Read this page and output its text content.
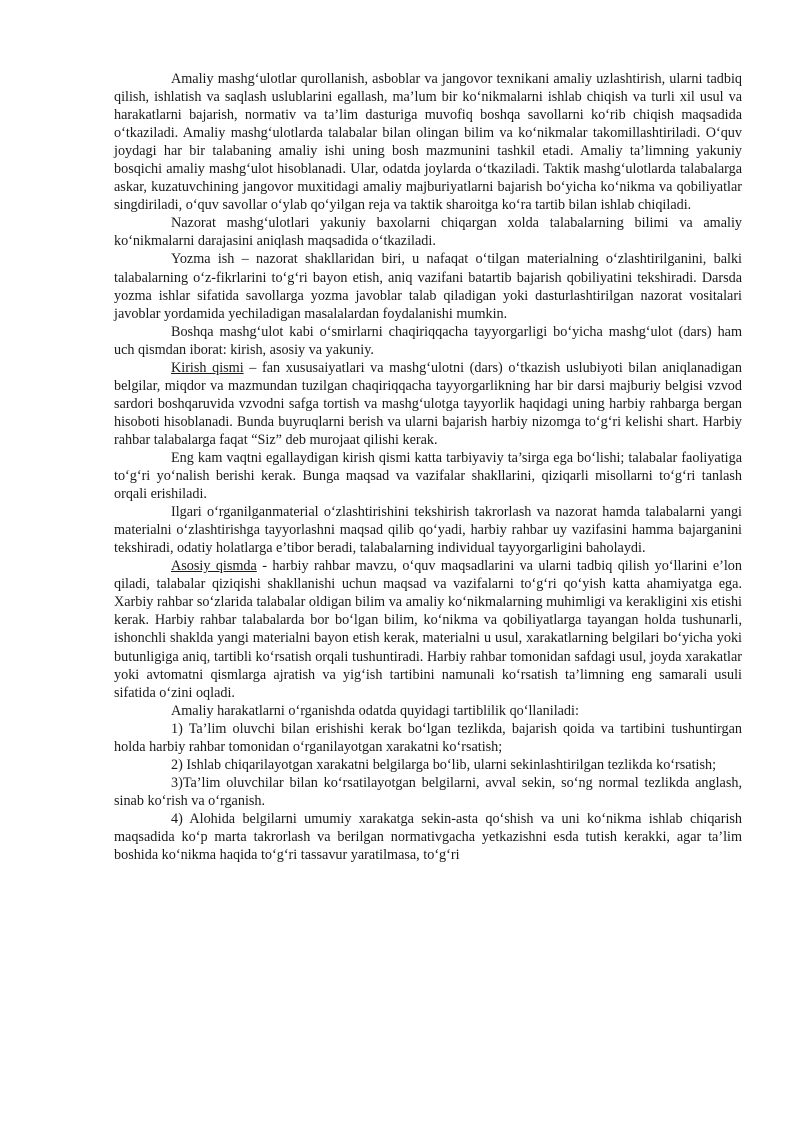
Amaliy mashgʻulotlar qurollanish, asboblar va jangovor texnikani amaliy uzlashtirish, ularni tadbiq qilish, ishlatish va saqlash uslublarini egallash, ma’lum bir koʻnikmalarni ishlab chiqish va turli xil usul va harakatlarni bajarish, normativ va ta’lim dasturiga muvofiq boshqa savollarni koʻrib chiqish maqsadida oʻtkaziladi. Amaliy mashgʻulotlarda talabalar bilan olingan bilim va koʻnikmalar takomillashtiriladi. Oʻquv joydagi har bir talabaning amaliy ishi uning bosh mazmunini tashkil etadi. Amaliy ta’limning yakuniy bosqichi amaliy mashgʻulot hisoblanadi. Ular, odatda joylarda oʻtkaziladi. Taktik mashgʻulotlarda talabalarga askar, kuzatuvchining jangovor muxitidagi amaliy majburiyatlarni bajarish boʻyicha koʻnikma va qobiliyatlar singdiriladi, oʻquv savollar oʻylab qoʻyilgan reja va taktik sharoitga koʻra tartib bilan ishlab chiqiladi.

Nazorat mashgʻulotlari yakuniy baxolarni chiqargan xolda talabalarning bilimi va amaliy koʻnikmalarni darajasini aniqlash maqsadida oʻtkaziladi.

Yozma ish – nazorat shakllaridan biri, u nafaqat oʻtilgan materialning oʻzlashtirilganini, balki talabalarning oʻz-fikrlarini toʻgʻri bayon etish, aniq vazifani batartib bajarish qobiliyatini tekshiradi. Darsda yozma ishlar sifatida savollarga yozma javoblar talab qiladigan yoki dasturlashtirilgan nazorat vositalari javoblar yordamida yechiladigan masalalardan foydalanishi mumkin.

Boshqa mashgʻulot kabi oʻsmirlarni chaqiriqqacha tayyorgarligi boʻyicha mashgʻulot (dars) ham uch qismdan iborat: kirish, asosiy va yakuniy.

Kirish qismi – fan xususaiyatlari va mashgʻulotni (dars) oʻtkazish uslubiyoti bilan aniqlanadigan belgilar, miqdor va mazmundan tuzilgan chaqiriqqacha tayyorgarlikning har bir darsi majburiy belgisi vzvod sardori boshqaruvida vzvodni safga tortish va mashgʻulotga tayyorlik haqidagi uning harbiy rahbarga bergan hisoboti hisoblanadi. Bunda buyruqlarni berish va ularni bajarish harbiy nizomga toʻgʻri kelishi shart. Harbiy rahbar talabalarga faqat “Siz” deb murojaat qilishi kerak.

Eng kam vaqtni egallaydigan kirish qismi katta tarbiyaviy ta’sirga ega boʻlishi; talabalar faoliyatiga toʻgʻri yoʻnalish berishi kerak. Bunga maqsad va vazifalar shakllarini, qiziqarli misollarni toʻgʻri tanlash orqali erishiladi.

Ilgari oʻrganilganmaterial oʻzlashtirishini tekshirish takrorlash va nazorat hamda talabalarni yangi materialni oʻzlashtirishga tayyorlashni maqsad qilib qoʻyadi, harbiy rahbar uy vazifasini hamma bajarganini tekshiradi, odatiy holatlarga e’tibor beradi, talabalarning individual tayyorgarligini baholaydi.

Asosiy qismda - harbiy rahbar mavzu, oʻquv maqsadlarini va ularni tadbiq qilish yoʻllarini e’lon qiladi, talabalar qiziqishi shakllanishi uchun maqsad va vazifalarni toʻgʻri qoʻyish katta ahamiyatga ega. Xarbiy rahbar soʻzlarida talabalar oldigan bilim va amaliy koʻnikmalarning muhimligi va kerakligini xis etishi kerak. Harbiy rahbar talabalarda bor boʻlgan bilim, koʻnikma va qobiliyatlarga tayangan holda tushunarli, ishonchli shaklda yangi materialni bayon etish kerak, materialni u usul, xarakatlarning belgilari boʻyicha yoki butunligiga aniq, tartibli koʻrsatish orqali tushuntiradi. Harbiy rahbar tomonidan safdagi usul, joyda xarakatlar yoki avtomatni qismlarga ajratish va yigʻish tartibini namunali koʻrsatish ta’limning eng samarali usuli sifatida oʻzini oqladi.

Amaliy harakatlarni oʻrganishda odatda quyidagi tartiblilik qoʻllaniladi:

1) Ta’lim oluvchi bilan erishishi kerak boʻlgan tezlikda, bajarish qoida va tartibini tushuntirgan holda harbiy rahbar tomonidan oʻrganilayotgan xarakatni koʻrsatish;

2) Ishlab chiqarilayotgan xarakatni belgilarga boʻlib, ularni sekinlashtirilgan tezlikda koʻrsatish;

3)Ta’lim oluvchilar bilan koʻrsatilayotgan belgilarni, avval sekin, soʻng normal tezlikda anglash, sinab koʻrish va oʻrganish.

4) Alohida belgilarni umumiy xarakatga sekin-asta qoʻshish va uni koʻnikma ishlab chiqarish maqsadida koʻp marta takrorlash va berilgan normativgacha yetkazishni esda tutish kerakki, agar ta’lim boshida koʻnikma haqida toʻgʻri tassavur yaratilmasa, toʻgʻri
